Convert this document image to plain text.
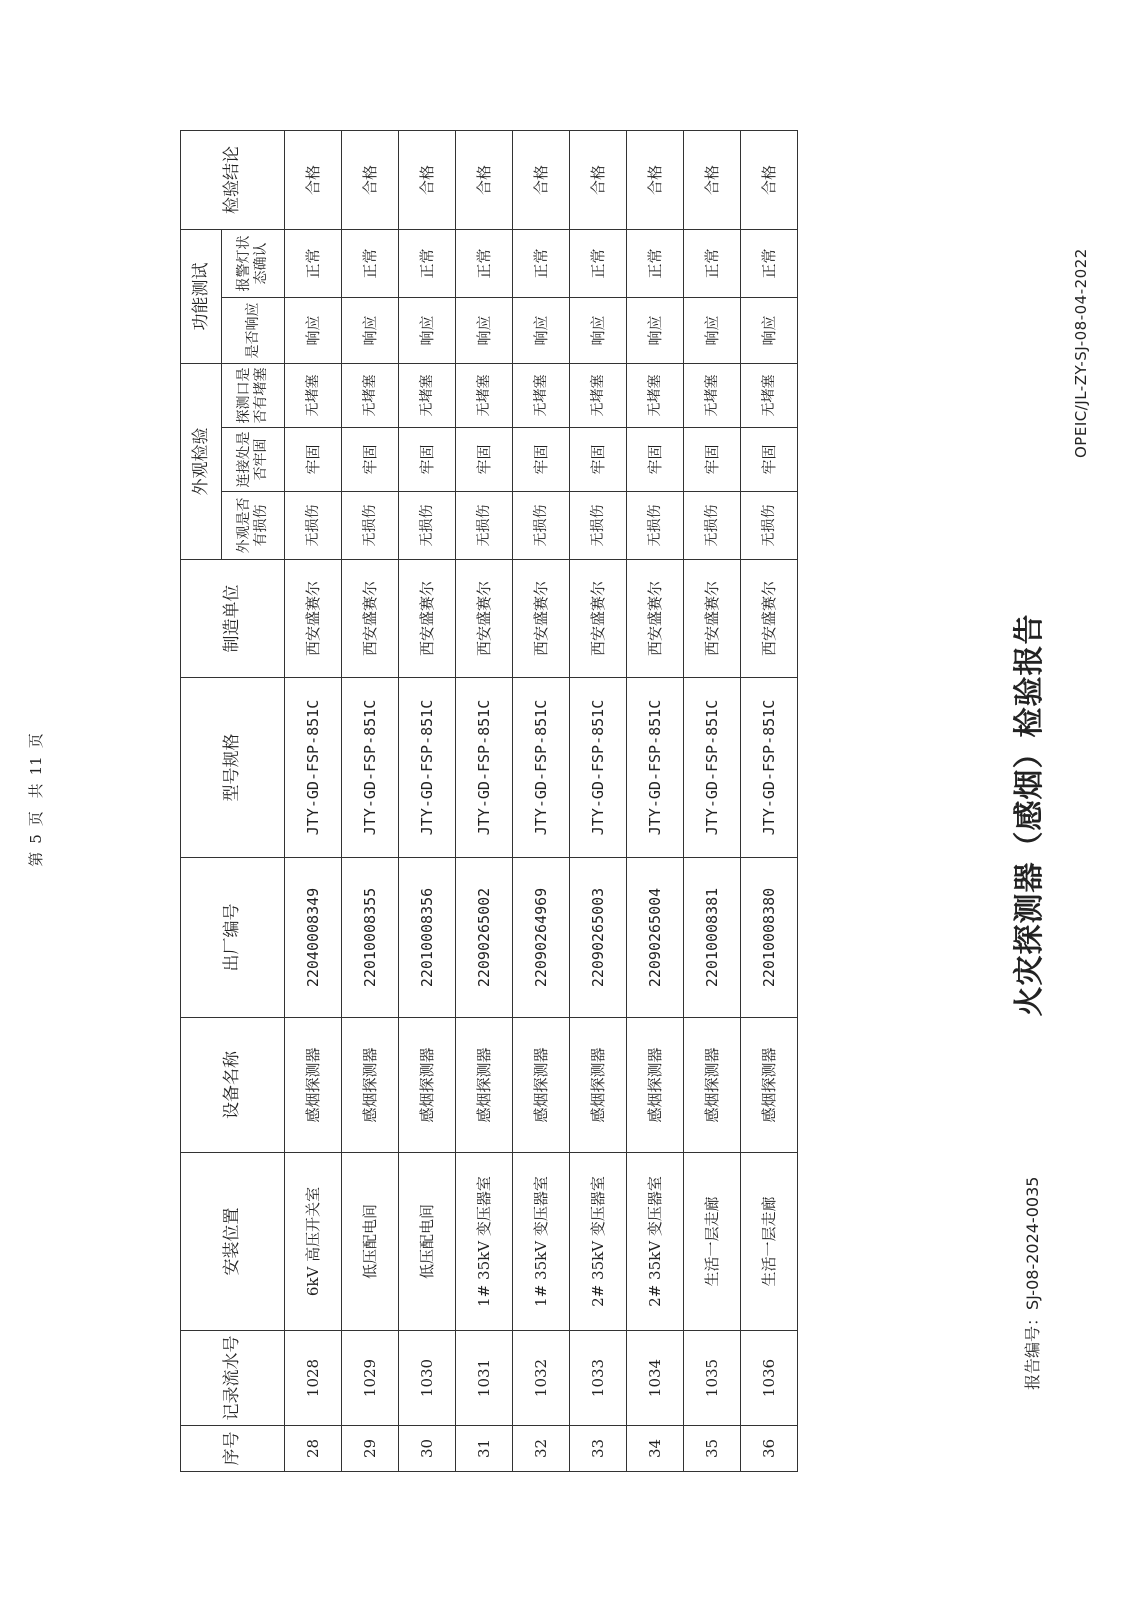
OPEIC/JL-ZY-SJ-08-04-2022
火灾探测器（感烟）检验报告
报告编号：SJ-08-2024-0035
序号	记录流水号	安装位置	设备名称	出厂编号	型号规格	制造单位	外观检验			功能测试		检验结论
							外观是否有损伤	连接处是否牢固	探测口是否有堵塞	是否响应	报警灯状态确认	
28	1028	6kV 高压开关室	感烟探测器	22040008349	JTY-GD-FSP-851C	西安盛赛尔	无损伤	牢固	无堵塞	响应	正常	合格
29	1029	低压配电间	感烟探测器	22010008355	JTY-GD-FSP-851C	西安盛赛尔	无损伤	牢固	无堵塞	响应	正常	合格
30	1030	低压配电间	感烟探测器	22010008356	JTY-GD-FSP-851C	西安盛赛尔	无损伤	牢固	无堵塞	响应	正常	合格
31	1031	1# 35kV 变压器室	感烟探测器	22090265002	JTY-GD-FSP-851C	西安盛赛尔	无损伤	牢固	无堵塞	响应	正常	合格
32	1032	1# 35kV 变压器室	感烟探测器	22090264969	JTY-GD-FSP-851C	西安盛赛尔	无损伤	牢固	无堵塞	响应	正常	合格
33	1033	2# 35kV 变压器室	感烟探测器	22090265003	JTY-GD-FSP-851C	西安盛赛尔	无损伤	牢固	无堵塞	响应	正常	合格
34	1034	2# 35kV 变压器室	感烟探测器	22090265004	JTY-GD-FSP-851C	西安盛赛尔	无损伤	牢固	无堵塞	响应	正常	合格
35	1035	生活一层走廊	感烟探测器	22010008381	JTY-GD-FSP-851C	西安盛赛尔	无损伤	牢固	无堵塞	响应	正常	合格
36	1036	生活一层走廊	感烟探测器	22010008380	JTY-GD-FSP-851C	西安盛赛尔	无损伤	牢固	无堵塞	响应	正常	合格
第5页 共11页
